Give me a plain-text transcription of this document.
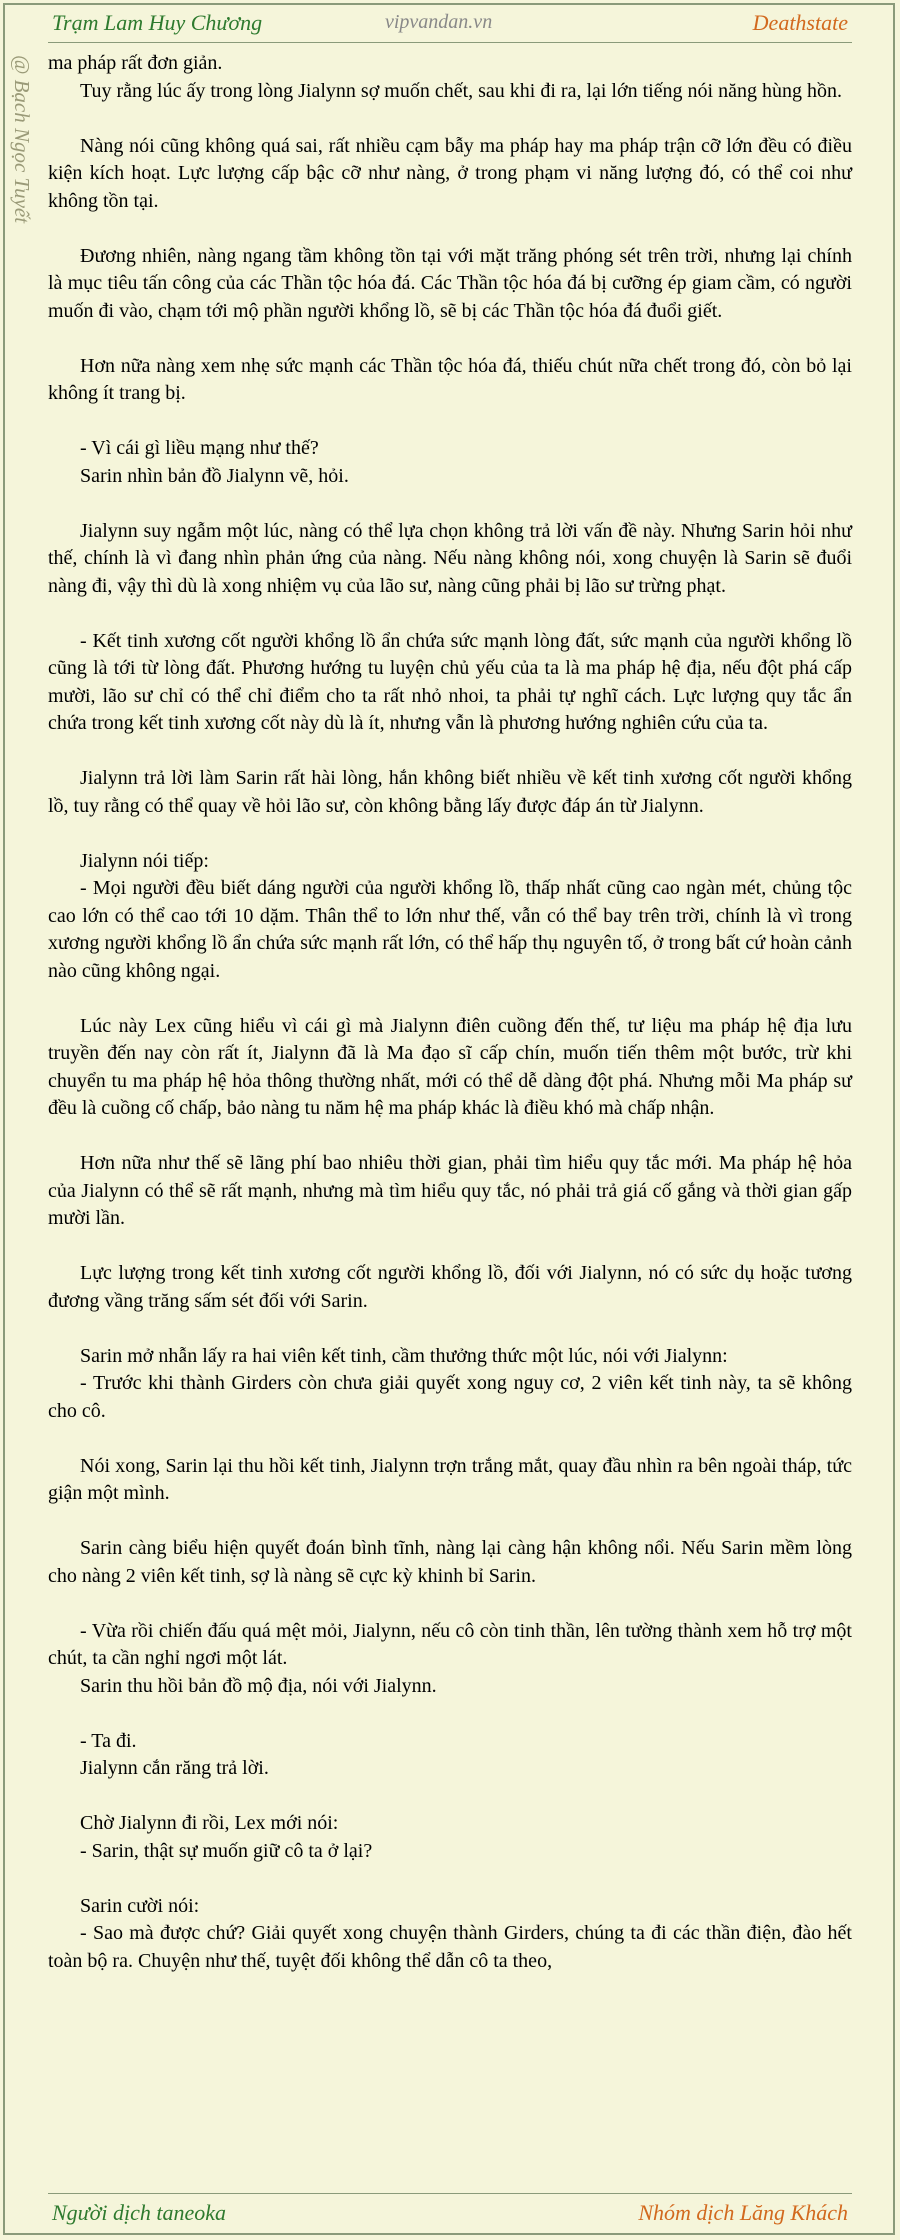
Trạm Lam Huy Chương	vipvandan.vn	Deathstate
@ Bạch Ngọc Tuyết ma pháp rất đơn giản.

Tuy rằng lúc ấy trong lòng Jialynn sợ muốn chết, sau khi đi ra, lại lớn tiếng nói năng hùng hồn.

Nàng nói cũng không quá sai, rất nhiều cạm bẫy ma pháp hay ma pháp trận cỡ lớn đều có điều kiện kích hoạt. Lực lượng cấp bậc cỡ như nàng, ở trong phạm vi năng lượng đó, có thể coi như không tồn tại.

Đương nhiên, nàng ngang tầm không tồn tại với mặt trăng phóng sét trên trời, nhưng lại chính là mục tiêu tấn công của các Thần tộc hóa đá. Các Thần tộc hóa đá bị cưỡng ép giam cầm, có người muốn đi vào, chạm tới mộ phần người khổng lồ, sẽ bị các Thần tộc hóa đá đuổi giết.

Hơn nữa nàng xem nhẹ sức mạnh các Thần tộc hóa đá, thiếu chút nữa chết trong đó, còn bỏ lại không ít trang bị.

- Vì cái gì liều mạng như thế?

Sarin nhìn bản đồ Jialynn vẽ, hỏi.

Jialynn suy ngẫm một lúc, nàng có thể lựa chọn không trả lời vấn đề này. Nhưng Sarin hỏi như thế, chính là vì đang nhìn phản ứng của nàng. Nếu nàng không nói, xong chuyện là Sarin sẽ đuổi nàng đi, vậy thì dù là xong nhiệm vụ của lão sư, nàng cũng phải bị lão sư trừng phạt.

- Kết tinh xương cốt người khổng lồ ẩn chứa sức mạnh lòng đất, sức mạnh của người khổng lồ cũng là tới từ lòng đất. Phương hướng tu luyện chủ yếu của ta là ma pháp hệ địa, nếu đột phá cấp mười, lão sư chỉ có thể chỉ điểm cho ta rất nhỏ nhoi, ta phải tự nghĩ cách. Lực lượng quy tắc ẩn chứa trong kết tinh xương cốt này dù là ít, nhưng vẫn là phương hướng nghiên cứu của ta.

Jialynn trả lời làm Sarin rất hài lòng, hắn không biết nhiều về kết tinh xương cốt người khổng lồ, tuy rằng có thể quay về hỏi lão sư, còn không bằng lấy được đáp án từ Jialynn.

Jialynn nói tiếp:

- Mọi người đều biết dáng người của người khổng lồ, thấp nhất cũng cao ngàn mét, chủng tộc cao lớn có thể cao tới 10 dặm. Thân thể to lớn như thế, vẫn có thể bay trên trời, chính là vì trong xương người khổng lồ ẩn chứa sức mạnh rất lớn, có thể hấp thụ nguyên tố, ở trong bất cứ hoàn cảnh nào cũng không ngại.

Lúc này Lex cũng hiểu vì cái gì mà Jialynn điên cuồng đến thế, tư liệu ma pháp hệ địa lưu truyền đến nay còn rất ít, Jialynn đã là Ma đạo sĩ cấp chín, muốn tiến thêm một bước, trừ khi chuyển tu ma pháp hệ hỏa thông thường nhất, mới có thể dễ dàng đột phá. Nhưng mỗi Ma pháp sư đều là cuồng cố chấp, bảo nàng tu năm hệ ma pháp khác là điều khó mà chấp nhận.

Hơn nữa như thế sẽ lãng phí bao nhiêu thời gian, phải tìm hiểu quy tắc mới. Ma pháp hệ hỏa của Jialynn có thể sẽ rất mạnh, nhưng mà tìm hiểu quy tắc, nó phải trả giá cố gắng và thời gian gấp mười lần.

Lực lượng trong kết tinh xương cốt người khổng lồ, đối với Jialynn, nó có sức dụ hoặc tương đương vầng trăng sấm sét đối với Sarin.

Sarin mở nhẫn lấy ra hai viên kết tinh, cầm thưởng thức một lúc, nói với Jialynn:

- Trước khi thành Girders còn chưa giải quyết xong nguy cơ, 2 viên kết tinh này, ta sẽ không cho cô.

Nói xong, Sarin lại thu hồi kết tinh, Jialynn trợn trắng mắt, quay đầu nhìn ra bên ngoài tháp, tức giận một mình.

Sarin càng biểu hiện quyết đoán bình tĩnh, nàng lại càng hận không nổi. Nếu Sarin mềm lòng cho nàng 2 viên kết tinh, sợ là nàng sẽ cực kỳ khinh bỉ Sarin.

- Vừa rồi chiến đấu quá mệt mỏi, Jialynn, nếu cô còn tinh thần, lên tường thành xem hỗ trợ một chút, ta cần nghỉ ngơi một lát.

Sarin thu hồi bản đồ mộ địa, nói với Jialynn.

- Ta đi.

Jialynn cắn răng trả lời.

Chờ Jialynn đi rồi, Lex mới nói:

- Sarin, thật sự muốn giữ cô ta ở lại?

Sarin cười nói:

- Sao mà được chứ? Giải quyết xong chuyện thành Girders, chúng ta đi các thần điện, đào hết toàn bộ ra. Chuyện như thế, tuyệt đối không thể dẫn cô ta theo,

Người dịch taneoka	Nhóm dịch Lăng Khách
